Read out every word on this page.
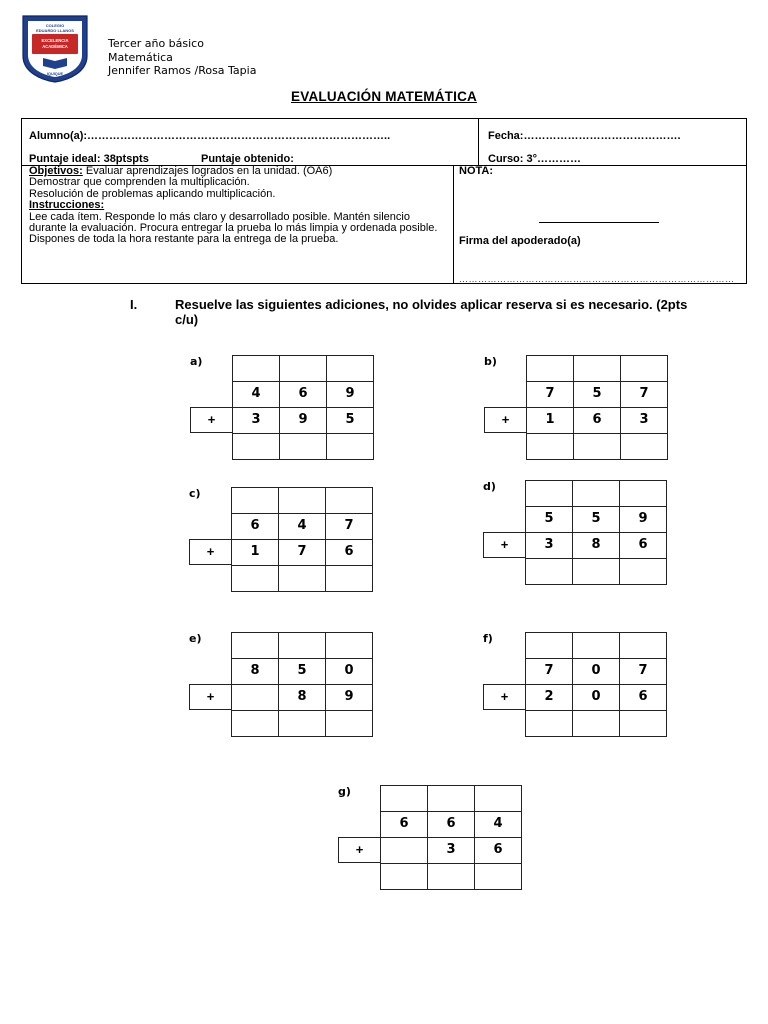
COLEGIO
EDUARDO LLANOS
EXCELENCIA
ACADÉMICA
IQUIQUE
Tercer año básico
Matemática
Jennifer Ramos /Rosa Tapia
EVALUACIÓN MATEMÁTICA
Alumno(a):………………………………………………………………………..	Fecha:…………………………………….
Puntaje ideal: 38ptspts	Puntaje obtenido:	Curso: 3°…………
Objetivos: Evaluar aprendizajes logrados en la unidad. (OA6)
Demostrar que comprenden la multiplicación.
Resolución de problemas aplicando multiplicación.
Instrucciones:
Lee cada ítem. Responde lo más claro y desarrollado posible. Mantén silencio durante la evaluación. Procura entregar la prueba lo más limpia y ordenada posible. Dispones de toda la hora restante para la entrega de la prueba.
NOTA:
Firma del apoderado(a)
……………………………………………………………………………
I.	Resuelve las siguientes adiciones, no olvides aplicar reserva si es necesario. (2pts c/u)
a)

4	6	9
3	9	5

+
b)

7	5	7
1	6	3

+
c)

6	4	7
1	7	6

+
d)

5	5	9
3	8	6

+
e)

8	5	0
	8	9

+
f)

7	0	7
2	0	6

+
g)

6	6	4
	3	6

+
